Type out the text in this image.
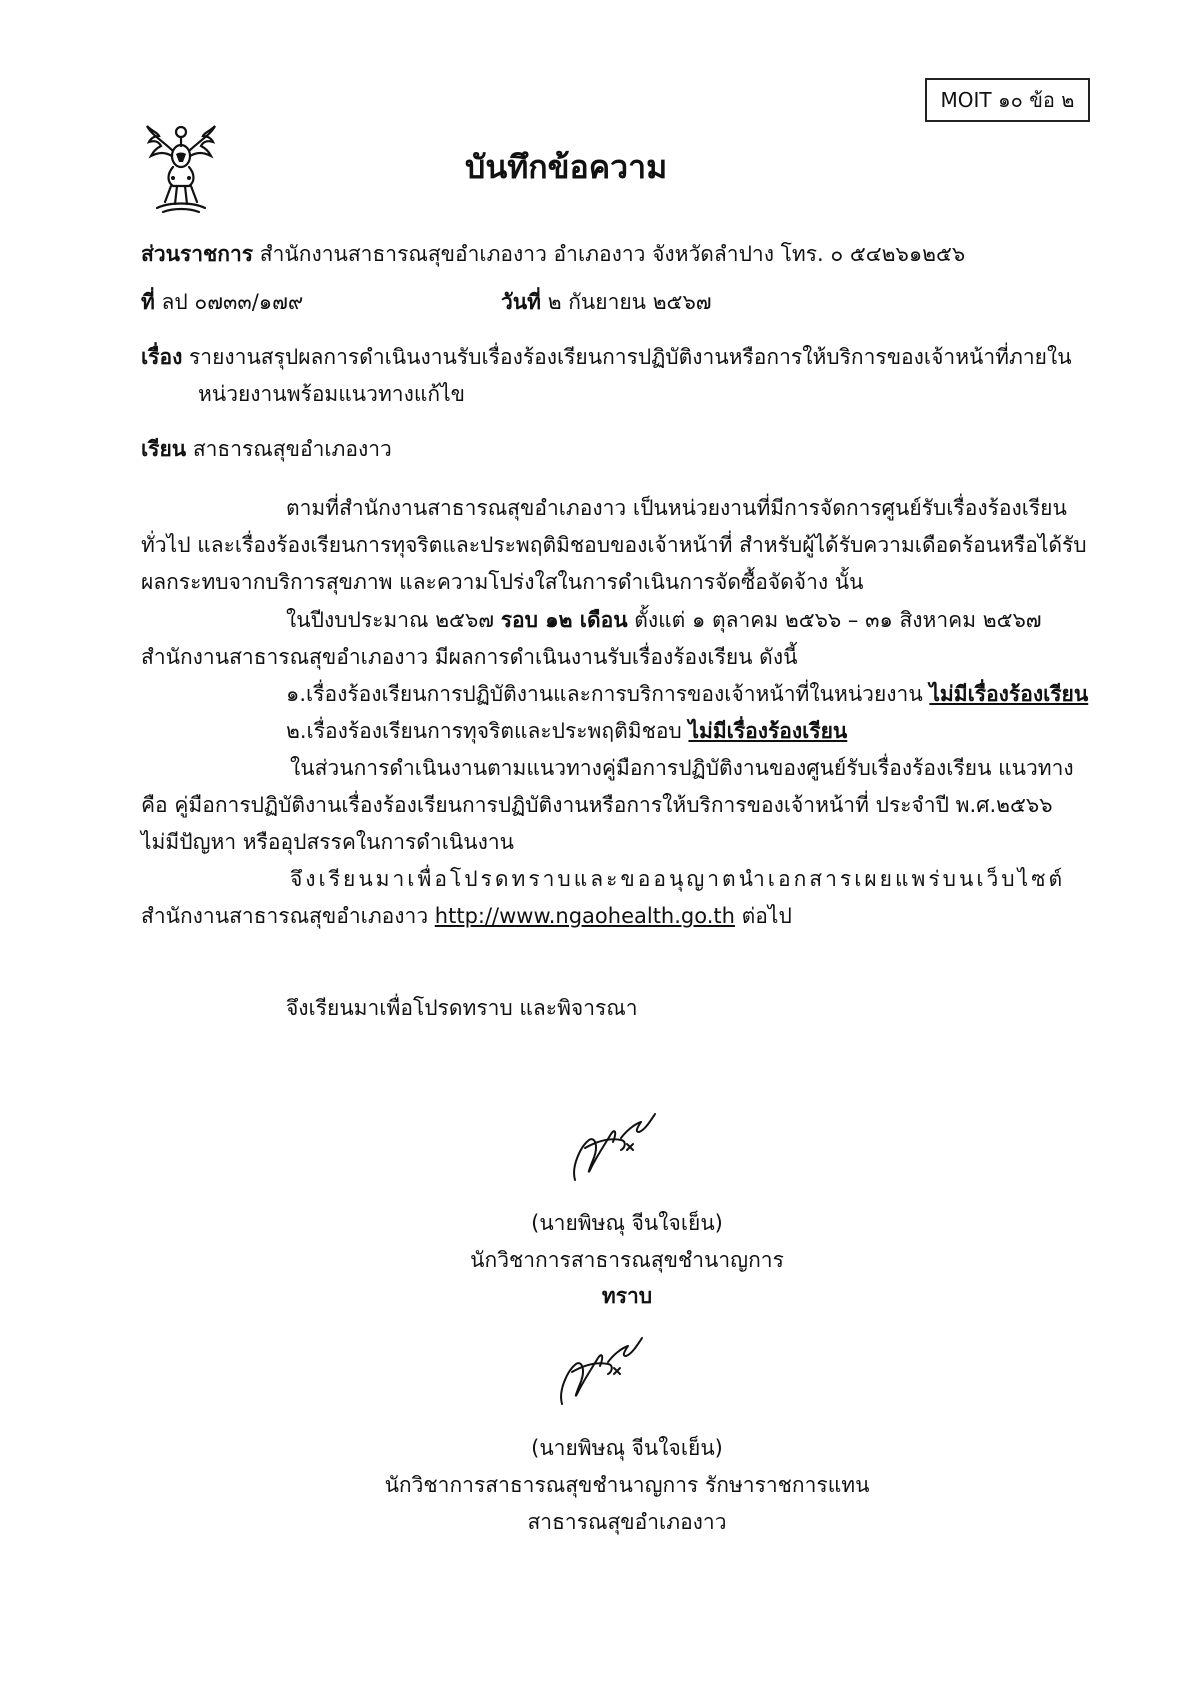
MOIT ๑๐ ข้อ ๒
บันทึกข้อความ
ส่วนราชการ สำนักงานสาธารณสุขอำเภองาว อำเภองาว จังหวัดลำปาง โทร. ๐ ๕๔๒๖๑๒๕๖
ที่ ลป ๐๗๓๓/๑๗๙	วันที่ ๒ กันยายน ๒๕๖๗
เรื่อง รายงานสรุปผลการดำเนินงานรับเรื่องร้องเรียนการปฏิบัติงานหรือการให้บริการของเจ้าหน้าที่ภายใน
หน่วยงานพร้อมแนวทางแก้ไข
เรียน สาธารณสุขอำเภองาว
ตามที่สำนักงานสาธารณสุขอำเภองาว เป็นหน่วยงานที่มีการจัดการศูนย์รับเรื่องร้องเรียน
ทั่วไป และเรื่องร้องเรียนการทุจริตและประพฤติมิชอบของเจ้าหน้าที่ สำหรับผู้ได้รับความเดือดร้อนหรือได้รับ
ผลกระทบจากบริการสุขภาพ และความโปร่งใสในการดำเนินการจัดซื้อจัดจ้าง นั้น
ในปีงบประมาณ ๒๕๖๗ รอบ ๑๒ เดือน ตั้งแต่ ๑ ตุลาคม ๒๕๖๖ – ๓๑ สิงหาคม ๒๕๖๗
สำนักงานสาธารณสุขอำเภองาว มีผลการดำเนินงานรับเรื่องร้องเรียน ดังนี้
๑.เรื่องร้องเรียนการปฏิบัติงานและการบริการของเจ้าหน้าที่ในหน่วยงาน ไม่มีเรื่องร้องเรียน
๒.เรื่องร้องเรียนการทุจริตและประพฤติมิชอบ ไม่มีเรื่องร้องเรียน
ในส่วนการดำเนินงานตามแนวทางคู่มือการปฏิบัติงานของศูนย์รับเรื่องร้องเรียน แนวทาง
คือ คู่มือการปฏิบัติงานเรื่องร้องเรียนการปฏิบัติงานหรือการให้บริการของเจ้าหน้าที่ ประจำปี พ.ศ.๒๕๖๖
ไม่มีปัญหา หรืออุปสรรคในการดำเนินงาน
จึงเรียนมาเพื่อโปรดทราบและขออนุญาตนำเอกสารเผยแพร่บนเว็บไซต์
สำนักงานสาธารณสุขอำเภองาว http://www.ngaohealth.go.th ต่อไป
จึงเรียนมาเพื่อโปรดทราบ และพิจารณา
(นายพิษณุ จีนใจเย็น)
นักวิชาการสาธารณสุขชำนาญการ
ทราบ
(นายพิษณุ จีนใจเย็น)
นักวิชาการสาธารณสุขชำนาญการ รักษาราชการแทน
สาธารณสุขอำเภองาว
